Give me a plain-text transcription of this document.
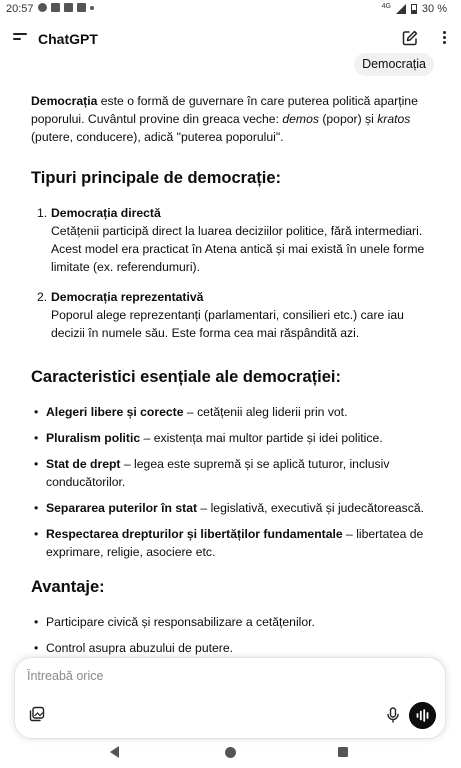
20:57	4G	30 %
ChatGPT
Democrația

Democrația este o formă de guvernare în care puterea politică aparține poporului. Cuvântul provine din greaca veche: demos (popor) și kratos (putere, conducere), adică "puterea poporului".

Tipuri principale de democrație:
1. Democrația directă
Cetățenii participă direct la luarea deciziilor politice, fără intermediari. Acest model era practicat în Atena antică și mai există în unele forme limitate (ex. referendumuri).
2. Democrația reprezentativă
Poporul alege reprezentanți (parlamentari, consilieri etc.) care iau decizii în numele său. Este forma cea mai răspândită azi.
Caracteristici esențiale ale democrației:
• Alegeri libere și corecte – cetățenii aleg liderii prin vot.
• Pluralism politic – existența mai multor partide și idei politice.
• Stat de drept – legea este supremă și se aplică tuturor, inclusiv conducătorilor.
• Separarea puterilor în stat – legislativă, executivă și judecătorească.
• Respectarea drepturilor și libertăților fundamentale – libertatea de exprimare, religie, asociere etc.
Avantaje:
• Participare civică și responsabilizare a cetățenilor.
• Control asupra abuzului de putere.
Întreabă orice
